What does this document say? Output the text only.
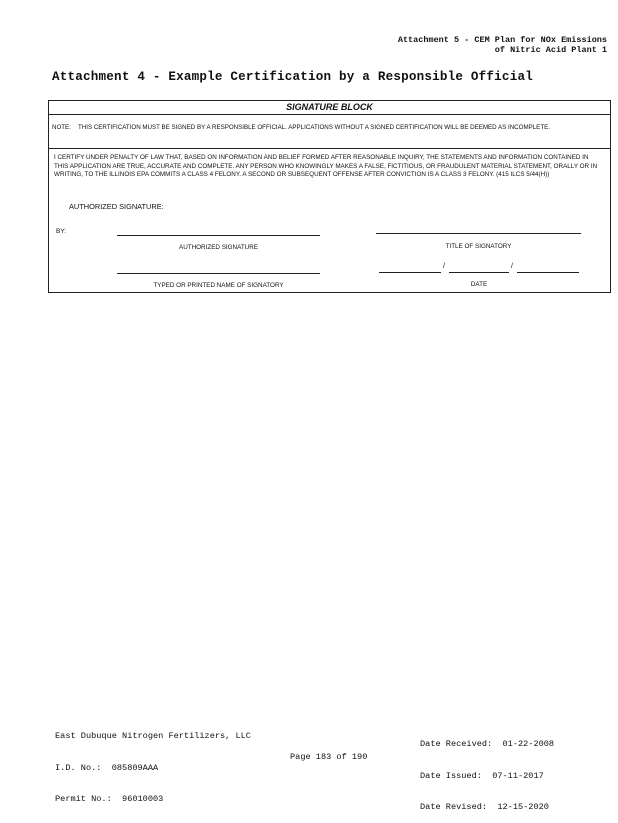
Attachment 5 - CEM Plan for NOx Emissions
of Nitric Acid Plant 1
Attachment 4 - Example Certification by a Responsible Official
SIGNATURE BLOCK
NOTE: THIS CERTIFICATION MUST BE SIGNED BY A RESPONSIBLE OFFICIAL. APPLICATIONS WITHOUT A SIGNED CERTIFICATION WILL BE DEEMED AS INCOMPLETE.
I CERTIFY UNDER PENALTY OF LAW THAT, BASED ON INFORMATION AND BELIEF FORMED AFTER REASONABLE INQUIRY, THE STATEMENTS AND INFORMATION CONTAINED IN THIS APPLICATION ARE TRUE, ACCURATE AND COMPLETE. ANY PERSON WHO KNOWINGLY MAKES A FALSE, FICTITIOUS, OR FRAUDULENT MATERIAL STATEMENT, ORALLY OR IN WRITING, TO THE ILLINOIS EPA COMMITS A CLASS 4 FELONY. A SECOND OR SUBSEQUENT OFFENSE AFTER CONVICTION IS A CLASS 3 FELONY. (415 ILCS 5/44(H))
AUTHORIZED SIGNATURE:
BY:
AUTHORIZED SIGNATURE	TITLE OF SIGNATORY
/	/
TYPED OR PRINTED NAME OF SIGNATORY	DATE

East Dubuque Nitrogen Fertilizers, LLC

I.D. No.:  085809AAA

Permit No.:  96010003

Date Received:  01-22-2008

Date Issued:  07-11-2017

Date Revised:  12-15-2020

Page 183 of 190
